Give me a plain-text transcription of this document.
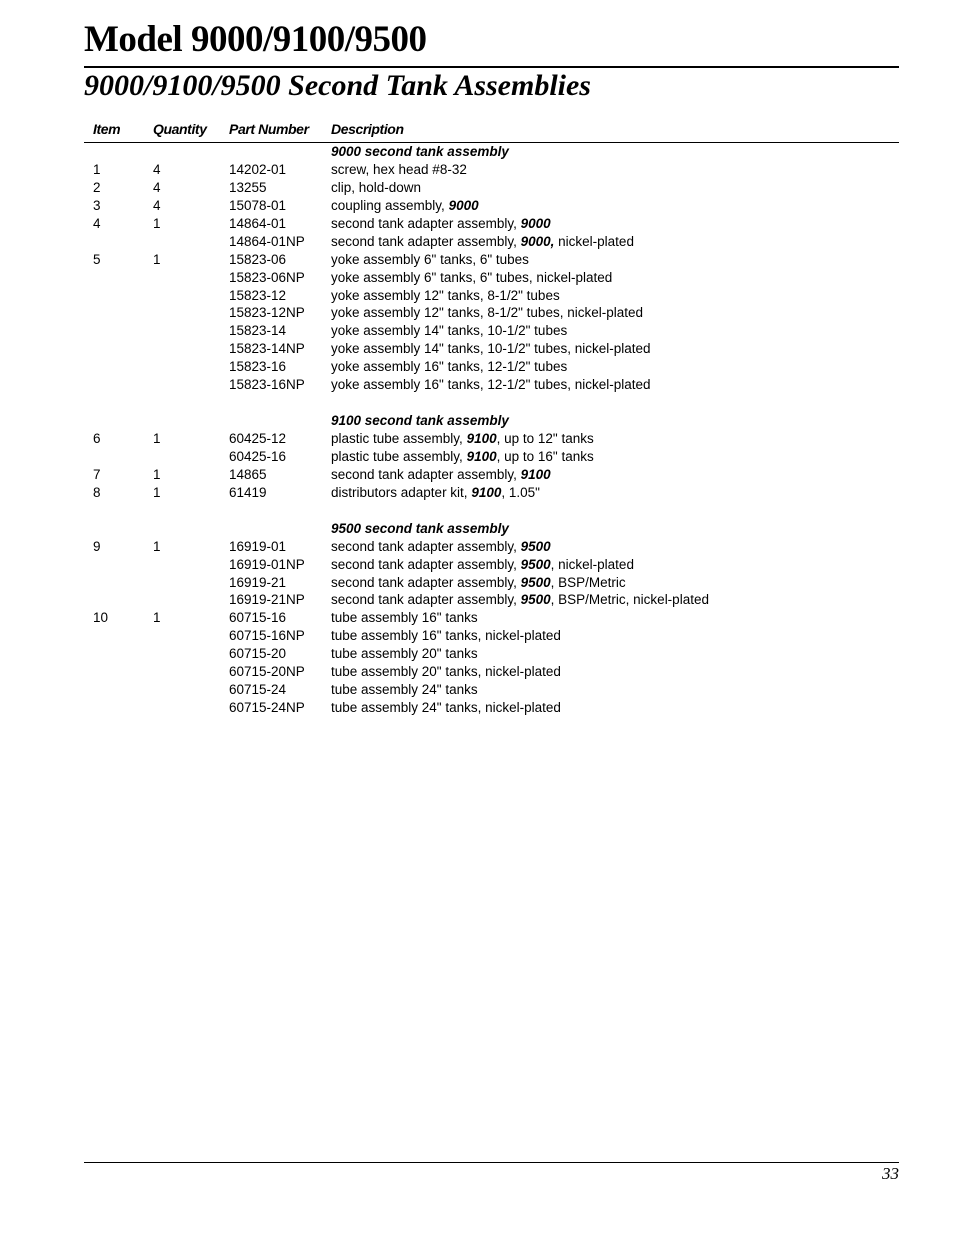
Model 9000/9100/9500
9000/9100/9500 Second Tank Assemblies
Item Quantity Part Number Description
9000 second tank assembly
1	4	14202-01	screw, hex head #8-32
2	4	13255	clip, hold-down
3	4	15078-01	coupling assembly, 9000
4	1	14864-01	second tank adapter assembly, 9000
14864-01NP second tank adapter assembly, 9000, nickel-plated
5	1	15823-06	yoke assembly 6" tanks, 6" tubes
15823-06NP yoke assembly 6" tanks, 6" tubes, nickel-plated
15823-12	yoke assembly 12" tanks, 8-1/2" tubes
15823-12NP yoke assembly 12" tanks, 8-1/2" tubes, nickel-plated
15823-14	yoke assembly 14" tanks, 10-1/2" tubes
15823-14NP yoke assembly 14" tanks, 10-1/2" tubes, nickel-plated
15823-16	yoke assembly 16" tanks, 12-1/2" tubes
15823-16NP yoke assembly 16" tanks, 12-1/2" tubes, nickel-plated
9100 second tank assembly
6	1	60425-12	plastic tube assembly, 9100, up to 12" tanks
60425-16	plastic tube assembly, 9100, up to 16" tanks
7	1	14865	second tank adapter assembly, 9100
8	1	61419	distributors adapter kit, 9100, 1.05"
9500 second tank assembly
9	1	16919-01	second tank adapter assembly, 9500
16919-01NP second tank adapter assembly, 9500, nickel-plated
16919-21	second tank adapter assembly, 9500, BSP/Metric
16919-21NP second tank adapter assembly, 9500, BSP/Metric, nickel-plated
10	1	60715-16	tube assembly 16" tanks
60715-16NP tube assembly 16" tanks, nickel-plated
60715-20	tube assembly 20" tanks
60715-20NP tube assembly 20" tanks, nickel-plated
60715-24	tube assembly 24" tanks
60715-24NP tube assembly 24" tanks, nickel-plated
33
